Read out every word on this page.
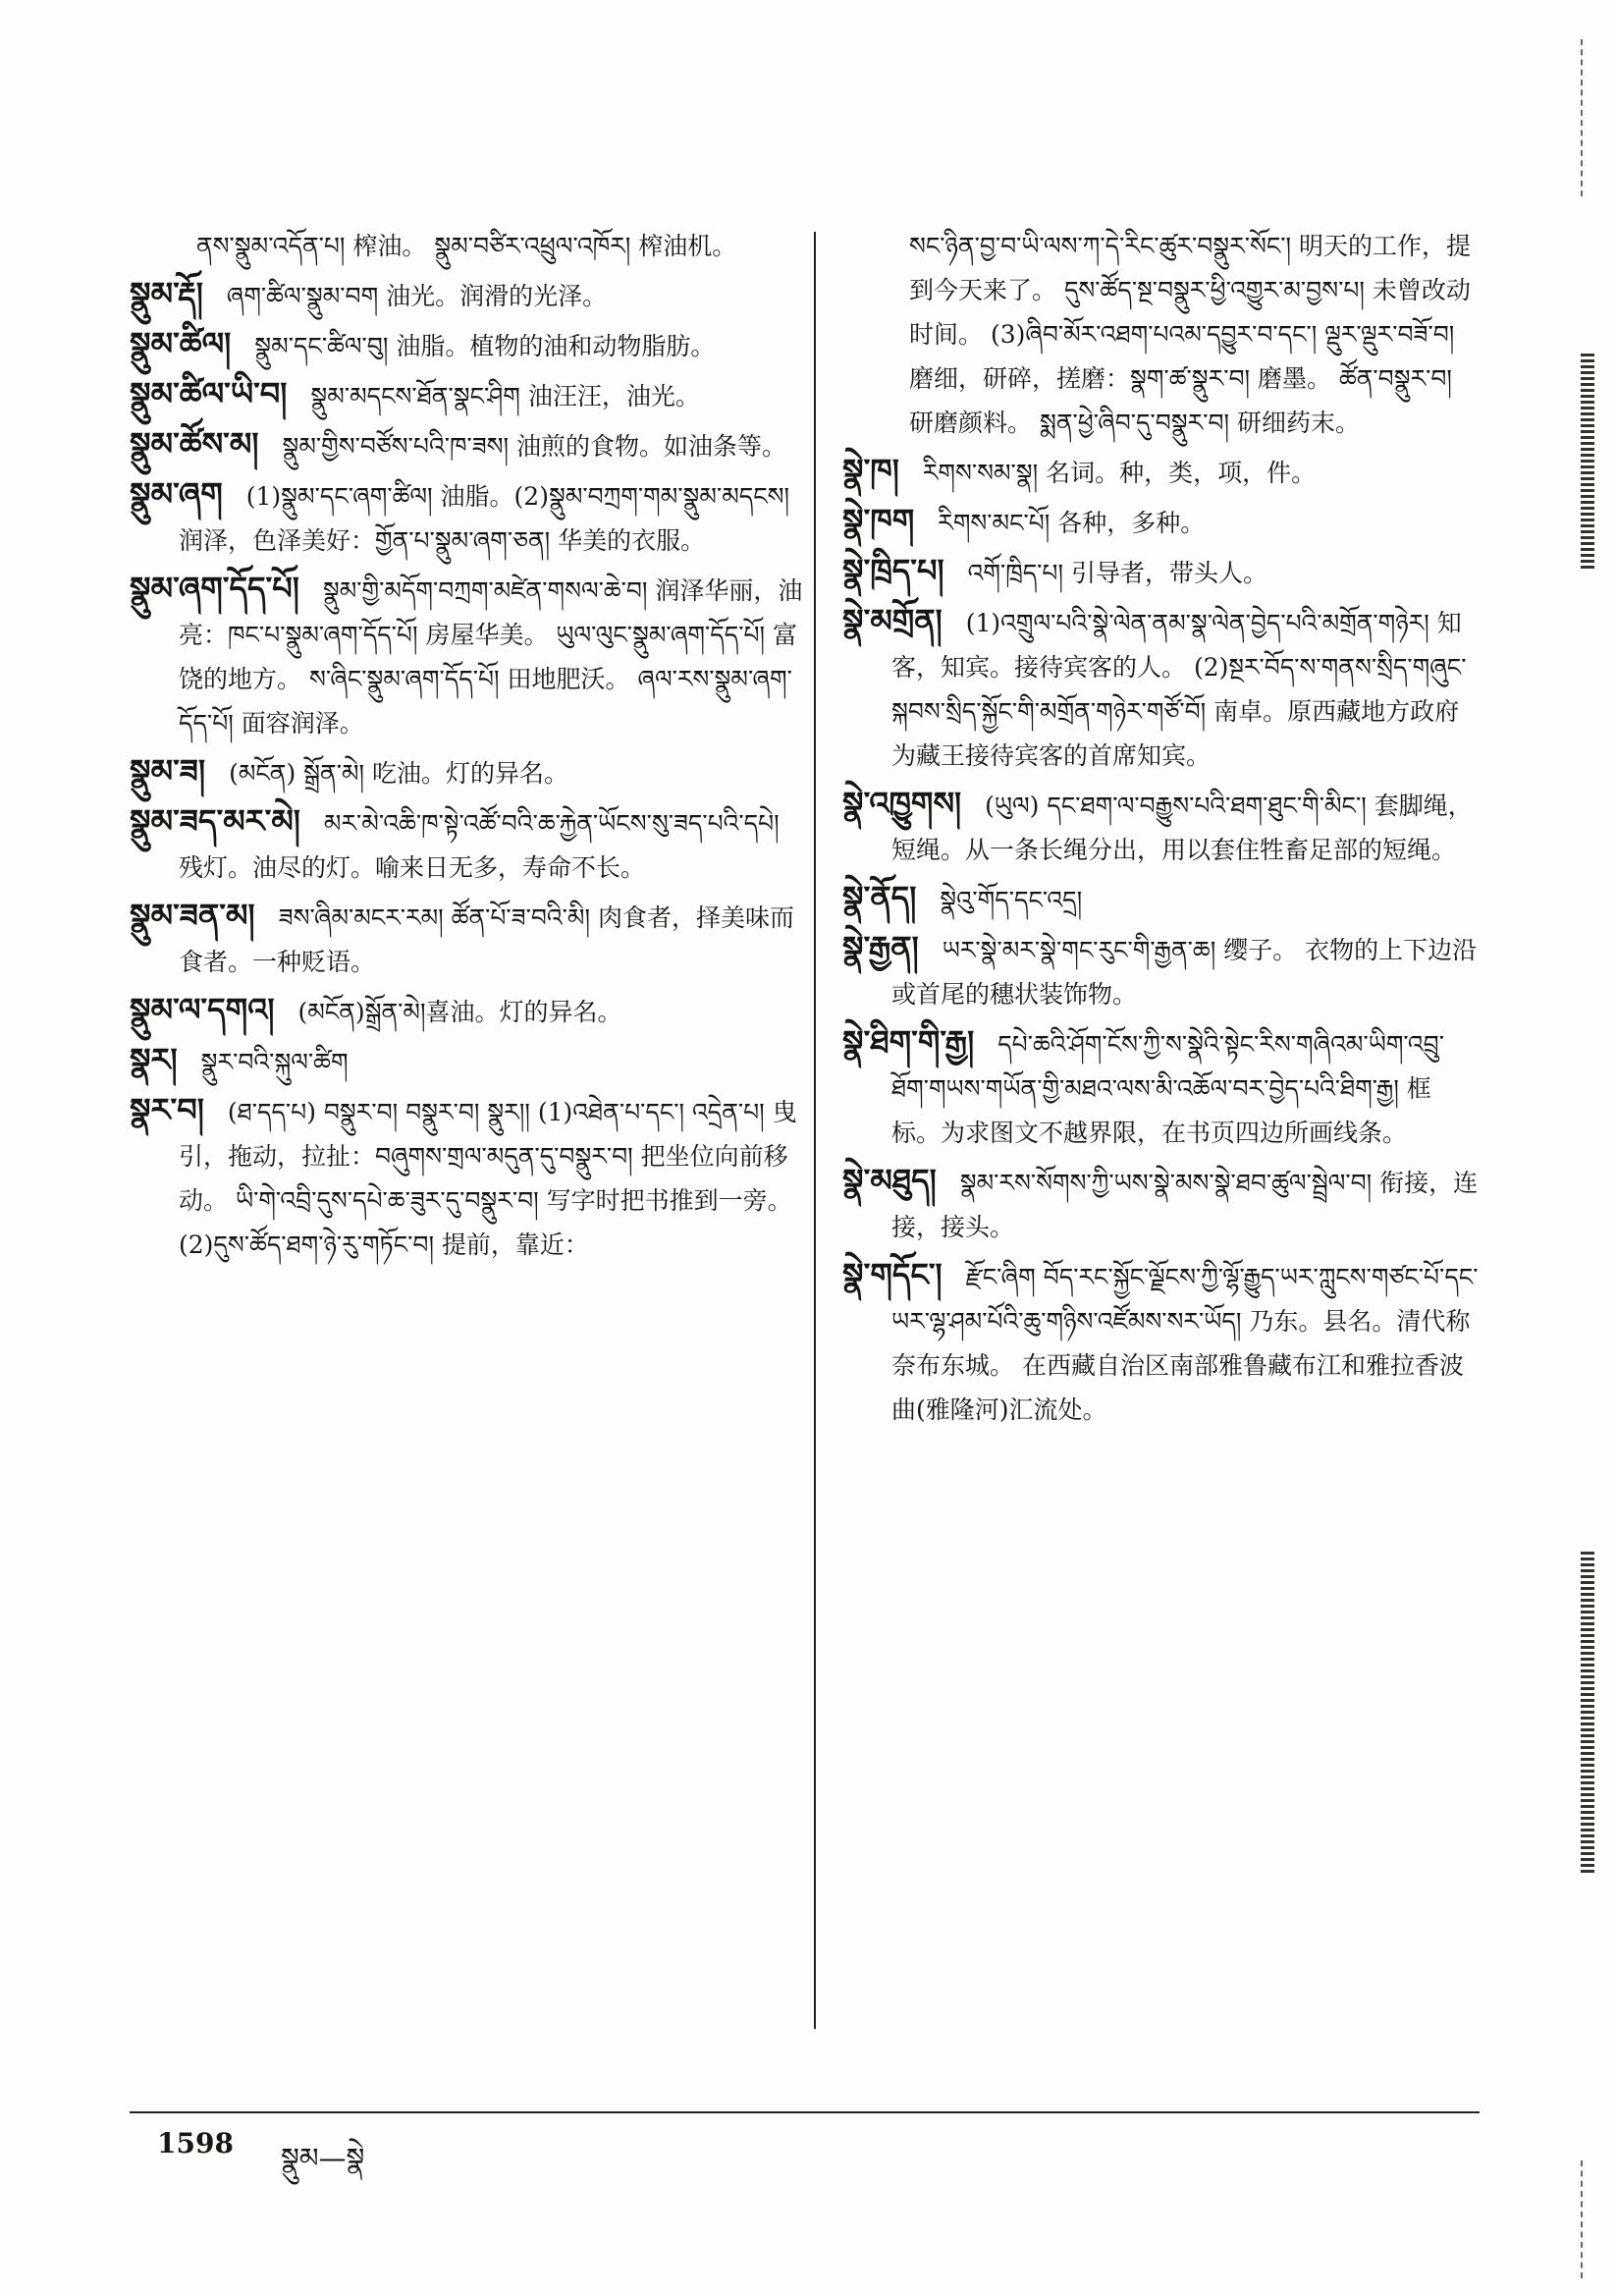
ནས་སྣུམ་འདོན་པ། 榨油。 སྣུམ་བཙིར་འཕྲུལ་འཁོར། 榨油机。

སྣུམ་རྡོ། ཞག་ཚིལ་སྣུམ་བག 油光。润滑的光泽。

སྣུམ་ཚིལ། སྣུམ་དང་ཚིལ་བུ། 油脂。植物的油和动物脂肪。

སྣུམ་ཚིལ་ཡི་བ། སྣུམ་མདངས་ཐོན་སྣང་ཤིག 油汪汪，油光。

སྣུམ་ཚོས་མ། སྣུམ་གྱིས་བཙོས་པའི་ཁ་ཟས། 油煎的食物。如油条等。

སྣུམ་ཞག (1)སྣུམ་དང་ཞག་ཚིལ། 油脂。(2)སྣུམ་བཀྲག་གམ་སྣུམ་མདངས། 润泽，色泽美好：གྱོན་པ་སྣུམ་ཞག་ཅན། 华美的衣服。

སྣུམ་ཞག་དོད་པོ། སྣུམ་གྱི་མདོག་བཀྲག་མཛེན་གསལ་ཆེ་བ། 润泽华丽，油亮：ཁང་པ་སྣུམ་ཞག་དོད་པོ། 房屋华美。 ཡུལ་ལུང་སྣུམ་ཞག་དོད་པོ། 富饶的地方。 ས་ཞིང་སྣུམ་ཞག་དོད་པོ། 田地肥沃。 ཞལ་རས་སྣུམ་ཞག་དོད་པོ། 面容润泽。

སྣུམ་ཟ། (མངོན) སྒྲོན་མེ། 吃油。灯的异名。

སྣུམ་ཟད་མར་མེ། མར་མེ་འཆི་ཁ་སྟེ་འཚོ་བའི་ཆ་རྐྱེན་ཡོངས་སུ་ཟད་པའི་དཔེ། 残灯。油尽的灯。喻来日无多，寿命不长。

སྣུམ་ཟན་མ། ཟས་ཞིམ་མངར་རམ། ཚོན་པོ་ཟ་བའི་མི། 肉食者，择美味而食者。一种贬语。

སྣུམ་ལ་དགའ། (མངོན)སྒྲོན་མེ།喜油。灯的异名。

སྣར། སྣུར་བའི་སྐུལ་ཚིག

སྣར་བ། (ཐ་དད་པ) བསྣུར་བ། བསྣུར་བ། སྣུར།། (1)འཐེན་པ་དང་། འདྲེན་པ། 曳引，拖动，拉扯：བཞུགས་གྲལ་མདུན་དུ་བསྣུར་བ། 把坐位向前移动。 ཡི་གེ་འབྲི་དུས་དཔེ་ཆ་ཟུར་དུ་བསྣུར་བ། 写字时把书推到一旁。 (2)དུས་ཚོད་ཐག་ཉེ་རུ་གཏོང་བ། 提前，靠近：

སང་ཉིན་བྱ་བ་ཡི་ལས་ཀ་དེ་རིང་ཚུར་བསྣུར་སོང་། 明天的工作，提到今天来了。 དུས་ཚོད་སྔ་བསྣུར་ཕྱི་འགྱུར་མ་བྱས་པ། 未曾改动时间。 (3)ཞིབ་མོར་འཐག་པའམ་དབྱུར་བ་དང་། ལྡུར་ལྡུར་བཟོ་བ། 磨细，研碎，搓磨：སྣག་ཚ་སྣུར་བ། 磨墨。 ཚོན་བསྣུར་བ། 研磨颜料。 སྨན་ཕྱེ་ཞིབ་དུ་བསྣུར་བ། 研细药末。

སྣེ་ཁ། རིགས་སམ་སྣ། 名词。种，类，项，件。

སྣེ་ཁག རིགས་མང་པོ། 各种，多种。

སྣེ་ཁྲིད་པ། འགོ་ཁྲིད་པ། 引导者，带头人。

སྣེ་མགྲོན། (1)འགྲུལ་པའི་སྣེ་ལེན་ནམ་སྣ་ལེན་བྱེད་པའི་མགྲོན་གཉེར། 知客，知宾。接待宾客的人。 (2)སྔར་བོད་ས་གནས་སྲིད་གཞུང་སྐབས་སྲིད་སྐྱོང་གི་མགྲོན་གཉེར་གཙོ་བོ། 南卓。原西藏地方政府为藏王接待宾客的首席知宾。

སྣེ་འཁྱུགས། (ཡུལ) དང་ཐག་ལ་བརྒྱུས་པའི་ཐག་ཐུང་གི་མིང་། 套脚绳，短绳。从一条长绳分出，用以套住牲畜足部的短绳。

སྣེ་ནོད། སྣེའུ་གོད་དང་འདྲ།

སྣེ་རྒྱན། ཡར་སྣེ་མར་སྣེ་གང་རུང་གི་རྒྱན་ཆ། 缨子。 衣物的上下边沿或首尾的穗状装饰物。

སྣེ་ཐིག་གི་རྒྱ། དཔེ་ཆའི་ཤོག་ངོས་ཀྱི་ས་སྣེའི་སྟེང་རིས་གཞིའམ་ཡིག་འབྲུ་ཐོག་གཡས་གཡོན་གྱི་མཐའ་ལས་མི་འཆོལ་བར་བྱེད་པའི་ཐིག་རྒྱ། 框标。为求图文不越界限，在书页四边所画线条。

སྣེ་མཐུད། སྣམ་རས་སོགས་ཀྱི་ཡས་སྣེ་མས་སྣེ་ཐབ་ཚུལ་སྦྲེལ་བ། 衔接，连接，接头。

སྣེ་གདོང་། རྫོང་ཞིག བོད་རང་སྐྱོང་ལྗོངས་ཀྱི་ལྷོ་རྒྱུད་ཡར་ཀླུངས་གཙང་པོ་དང་ཡར་ལྷ་ཤམ་པོའི་ཆུ་གཉིས་འཛོམས་སར་ཡོད། 乃东。县名。清代称奈布东城。 在西藏自治区南部雅鲁藏布江和雅拉香波曲(雅隆河)汇流处。

1598 སྣུམ—སྣེ
